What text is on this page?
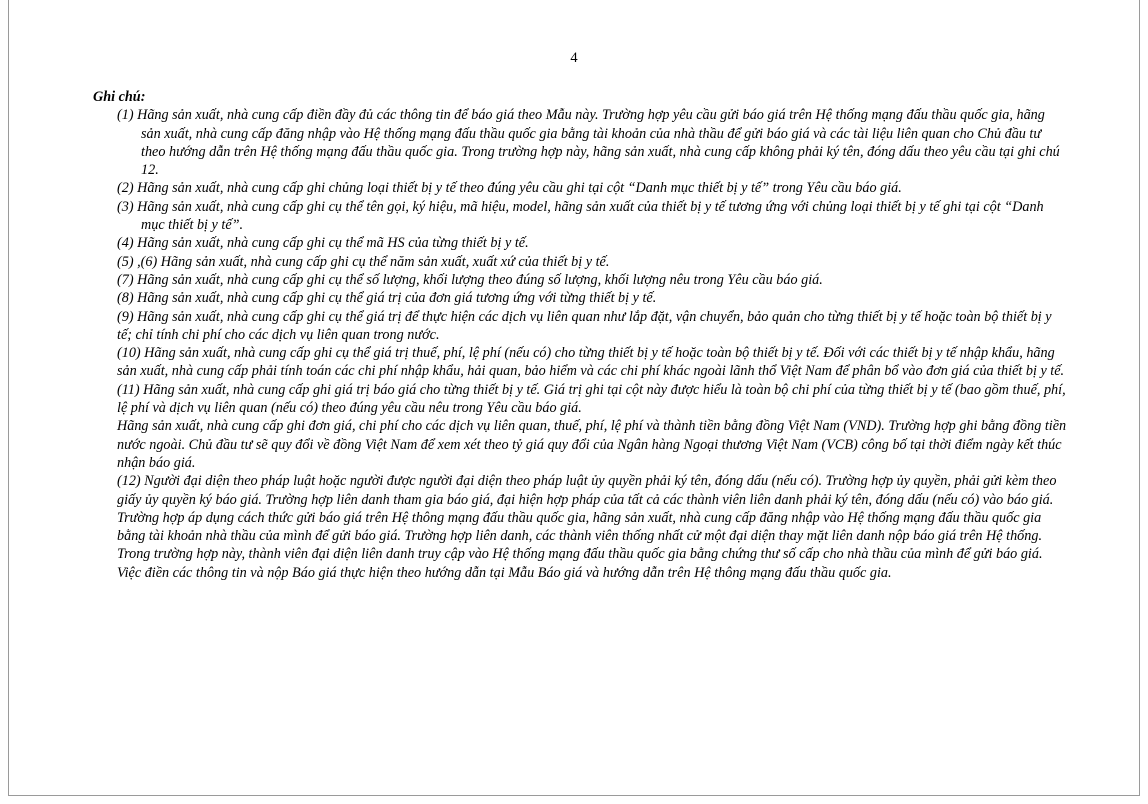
4

Ghi chú:

(1) Hãng sản xuất, nhà cung cấp điền đầy đủ các thông tin để báo giá theo Mẫu này. Trường hợp yêu cầu gửi báo giá trên Hệ thống mạng đấu thầu quốc gia, hãng sản xuất, nhà cung cấp đăng nhập vào Hệ thống mạng đấu thầu quốc gia bằng tài khoản của nhà thầu để gửi báo giá và các tài liệu liên quan cho Chủ đầu tư theo hướng dẫn trên Hệ thống mạng đấu thầu quốc gia. Trong trường hợp này, hãng sản xuất, nhà cung cấp không phải ký tên, đóng dấu theo yêu cầu tại ghi chú 12.

(2) Hãng sản xuất, nhà cung cấp ghi chủng loại thiết bị y tế theo đúng yêu cầu ghi tại cột “Danh mục thiết bị y tế” trong Yêu cầu báo giá.

(3) Hãng sản xuất, nhà cung cấp ghi cụ thể tên gọi, ký hiệu, mã hiệu, model, hãng sản xuất của thiết bị y tế tương ứng với chủng loại thiết bị y tế ghi tại cột “Danh mục thiết bị y tế”.

(4) Hãng sản xuất, nhà cung cấp ghi cụ thể mã HS của từng thiết bị y tế.

(5) ,(6) Hãng sản xuất, nhà cung cấp ghi cụ thể năm sản xuất, xuất xứ của thiết bị y tế.

(7) Hãng sản xuất, nhà cung cấp ghi cụ thể số lượng, khối lượng theo đúng số lượng, khối lượng nêu trong Yêu cầu báo giá.

(8) Hãng sản xuất, nhà cung cấp ghi cụ thể giá trị của đơn giá tương ứng với từng thiết bị y tế.

(9) Hãng sản xuất, nhà cung cấp ghi cụ thể giá trị để thực hiện các dịch vụ liên quan như lắp đặt, vận chuyển, bảo quản cho từng thiết bị y tế hoặc toàn bộ thiết bị y tế; chỉ tính chi phí cho các dịch vụ liên quan trong nước.

(10) Hãng sản xuất, nhà cung cấp ghi cụ thể giá trị thuế, phí, lệ phí (nếu có) cho từng thiết bị y tế hoặc toàn bộ thiết bị y tế. Đối với các thiết bị y tế nhập khẩu, hãng sản xuất, nhà cung cấp phải tính toán các chi phí nhập khẩu, hải quan, bảo hiểm và các chi phí khác ngoài lãnh thổ Việt Nam để phân bổ vào đơn giá của thiết bị y tế.

(11) Hãng sản xuất, nhà cung cấp ghi giá trị báo giá cho từng thiết bị y tế. Giá trị ghi tại cột này được hiểu là toàn bộ chi phí của từng thiết bị y tế (bao gồm thuế, phí, lệ phí và dịch vụ liên quan (nếu có) theo đúng yêu cầu nêu trong Yêu cầu báo giá.

Hãng sản xuất, nhà cung cấp ghi đơn giá, chi phí cho các dịch vụ liên quan, thuế, phí, lệ phí và thành tiền bằng đồng Việt Nam (VND). Trường hợp ghi bằng đồng tiền nước ngoài. Chủ đầu tư sẽ quy đổi về đồng Việt Nam để xem xét theo tỷ giá quy đổi của Ngân hàng Ngoại thương Việt Nam (VCB) công bố tại thời điểm ngày kết thúc nhận báo giá.

(12) Người đại diện theo pháp luật hoặc người được người đại diện theo pháp luật ủy quyền phải ký tên, đóng dấu (nếu có). Trường hợp ủy quyền, phải gửi kèm theo giấy ủy quyền ký báo giá. Trường hợp liên danh tham gia báo giá, đại hiện hợp pháp của tất cả các thành viên liên danh phải ký tên, đóng dấu (nếu có) vào báo giá.

Trường hợp áp dụng cách thức gửi báo giá trên Hệ thông mạng đấu thầu quốc gia, hãng sản xuất, nhà cung cấp đăng nhập vào Hệ thống mạng đấu thầu quốc gia bằng tài khoản nhà thầu của mình để gửi báo giá. Trường hợp liên danh, các thành viên thống nhất cử một đại diện thay mặt liên danh nộp báo giá trên Hệ thống. Trong trường hợp này, thành viên đại diện liên danh truy cập vào Hệ thống mạng đấu thầu quốc gia bằng chứng thư số cấp cho nhà thầu của mình để gửi báo giá. Việc điền các thông tin và nộp Báo giá thực hiện theo hướng dẫn tại Mẫu Báo giá và hướng dẫn trên Hệ thông mạng đấu thầu quốc gia.
